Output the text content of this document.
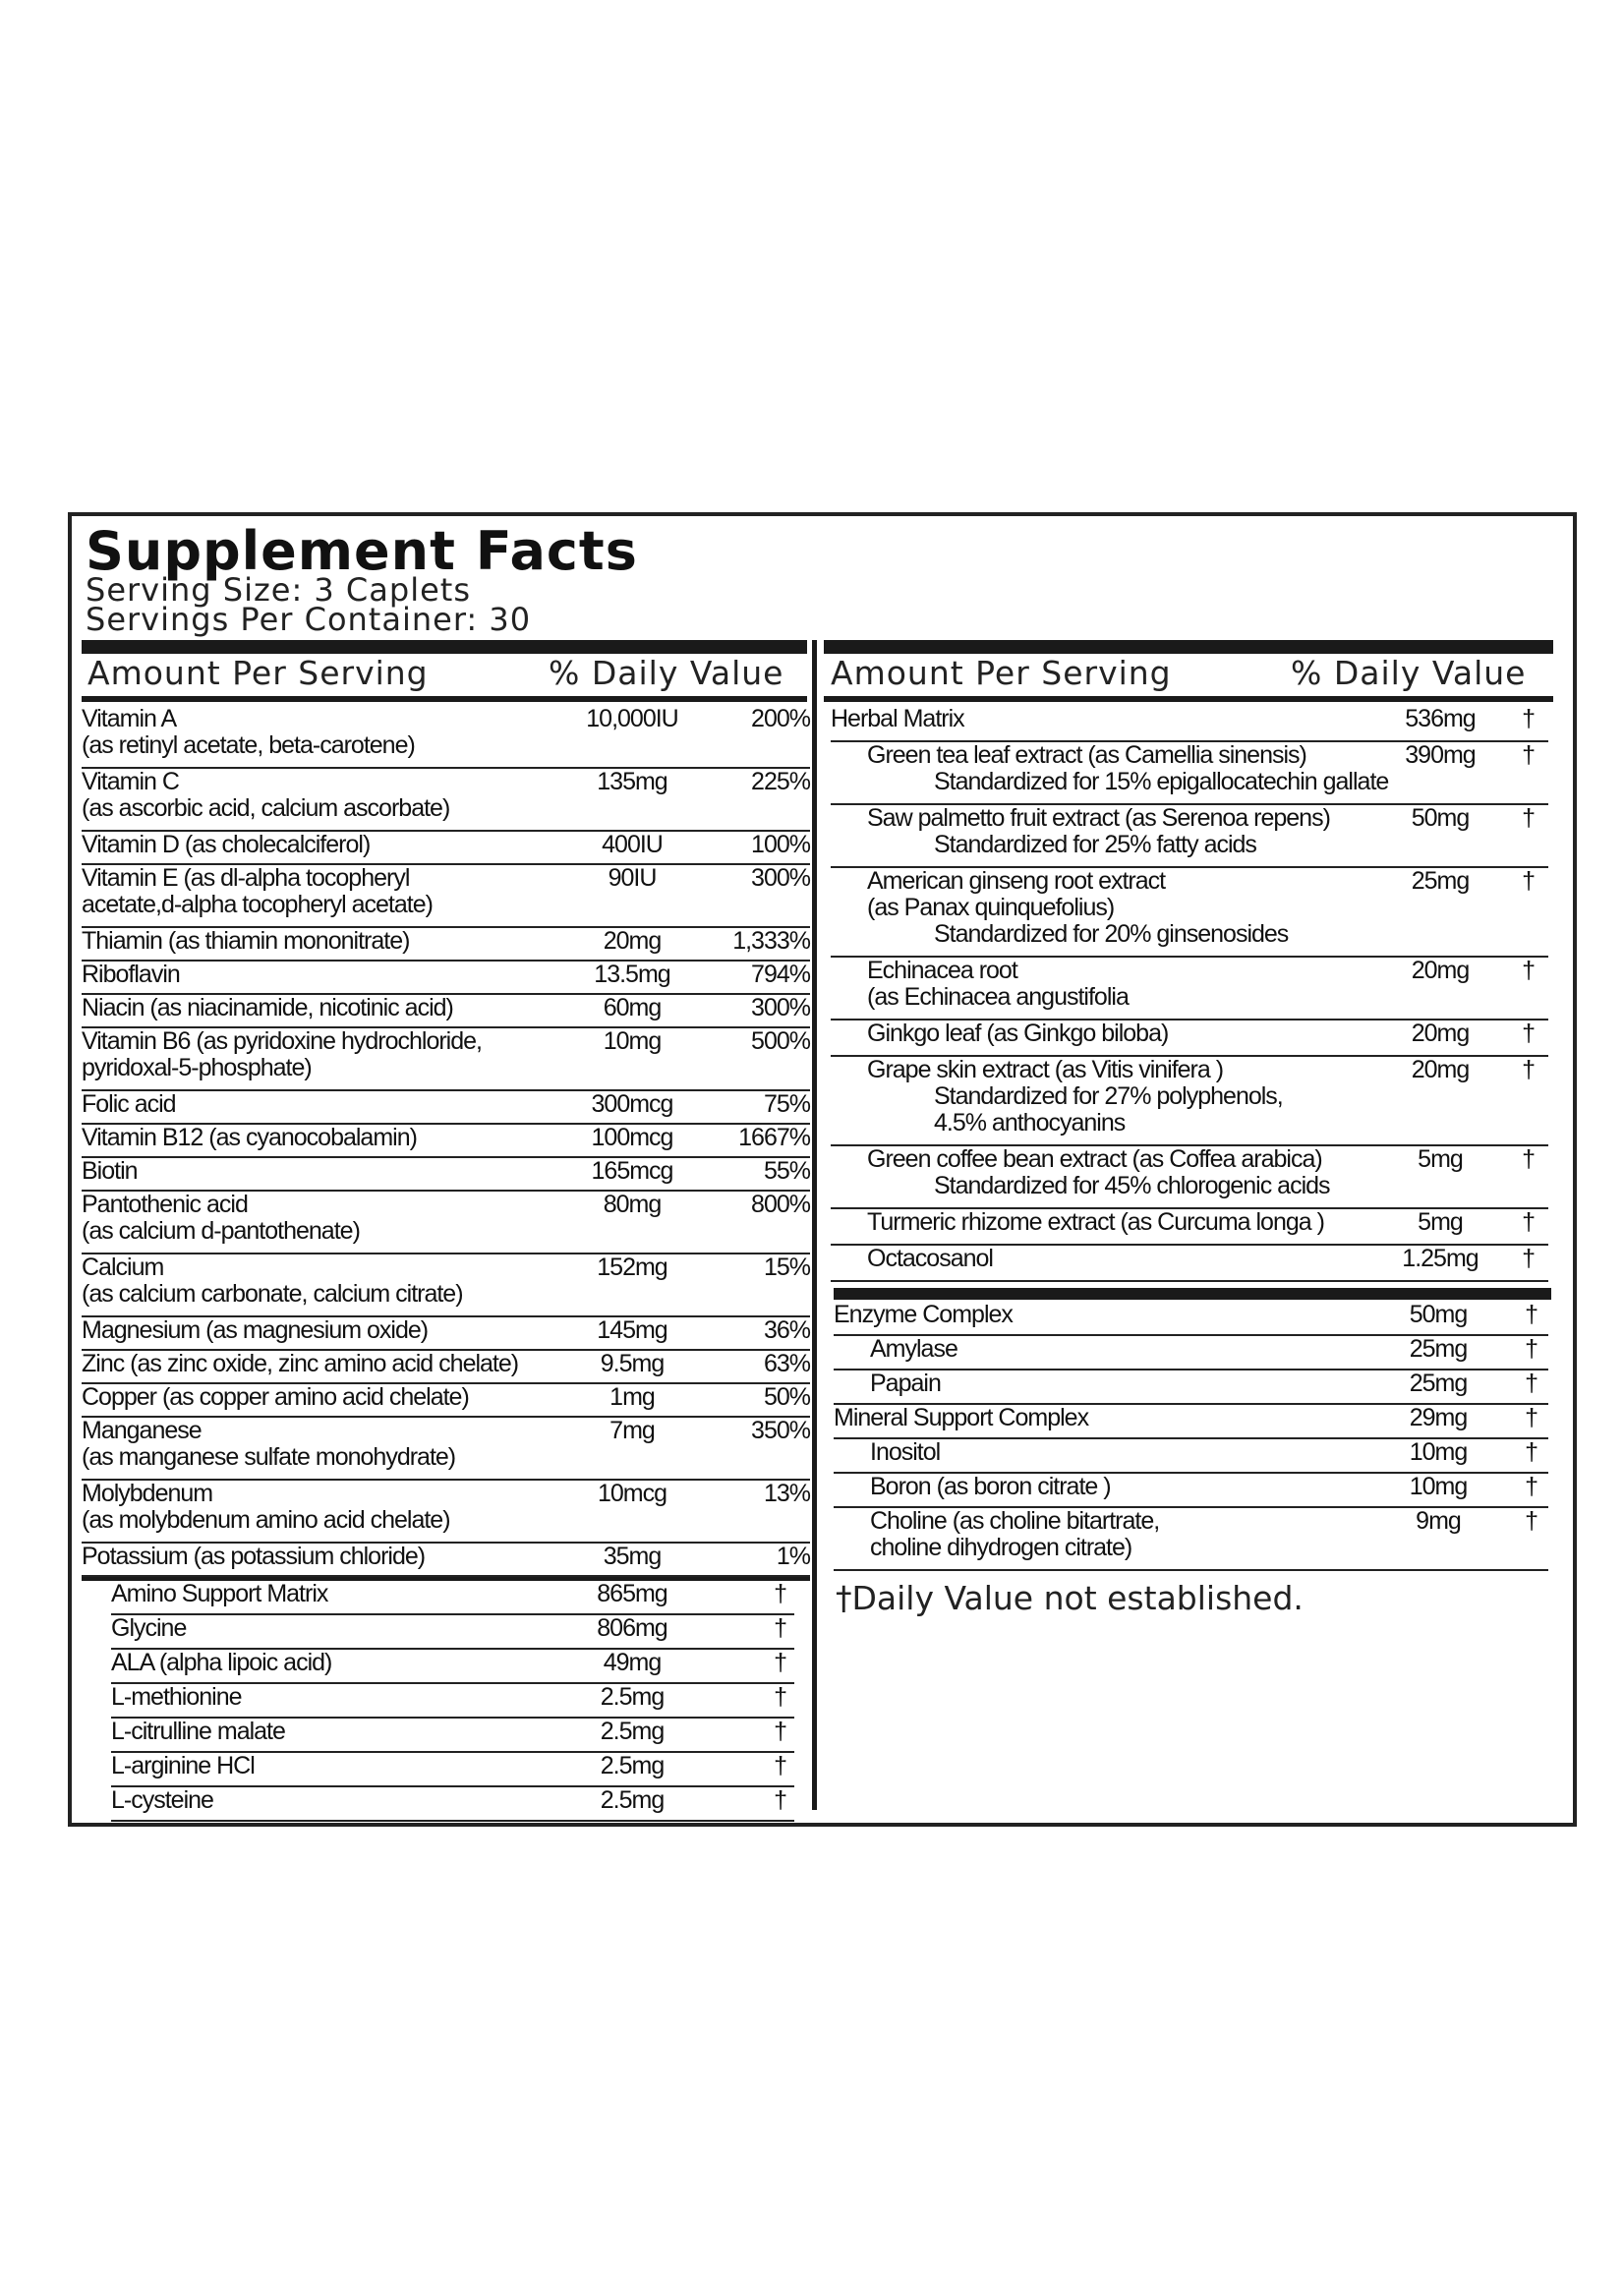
Supplement Facts
Serving Size: 3 Caplets
Servings Per Container: 30
Amount Per Serving	% Daily Value Amount Per Serving	% Daily Value
Vitamin A
(as retinyl acetate, beta-carotene)
10,000IU	200%
Vitamin C
(as ascorbic acid, calcium ascorbate)
135mg	225%
Vitamin D (as cholecalciferol)	400IU	100%
Vitamin E (as dl-alpha tocopheryl
acetate,d-alpha tocopheryl acetate)
90IU	300%
Thiamin (as thiamin mononitrate)	20mg	1,333%
Riboflavin	13.5mg	794%
Niacin (as niacinamide, nicotinic acid)	60mg	300%
Vitamin B6 (as pyridoxine hydrochloride,
pyridoxal-5-phosphate)
10mg	500%
Folic acid	300mcg	75%
Vitamin B12 (as cyanocobalamin)	100mcg	1667%
Biotin	165mcg	55%
Pantothenic acid
(as calcium d-pantothenate)
80mg	800%
Calcium
(as calcium carbonate, calcium citrate)
152mg	15%
Magnesium (as magnesium oxide)	145mg	36%
Zinc (as zinc oxide, zinc amino acid chelate)	9.5mg	63%
Copper (as copper amino acid chelate)	1mg	50%
Manganese
(as manganese sulfate monohydrate)
7mg	350%
Molybdenum
(as molybdenum amino acid chelate)
10mcg	13%
Potassium (as potassium chloride)	35mg	1%
Amino Support Matrix	865mg	†
Glycine	806mg	†
ALA (alpha lipoic acid)	49mg	†
L-methionine	2.5mg	†
L-citrulline malate	2.5mg	†
L-arginine HCl	2.5mg	†
L-cysteine	2.5mg	†
Herbal Matrix	536mg	†
Green tea leaf extract (as Camellia sinensis)
Standardized for 15% epigallocatechin gallate
390mg	†
Saw palmetto fruit extract (as Serenoa repens)
Standardized for 25% fatty acids
50mg	†
American ginseng root extract
(as Panax quinquefolius)
Standardized for 20% ginsenosides
25mg	†
Echinacea root
(as Echinacea angustifolia
20mg	†
Ginkgo leaf (as Ginkgo biloba)	20mg	†
Grape skin extract (as Vitis vinifera )
Standardized for 27% polyphenols,
4.5% anthocyanins
20mg	†
Green coffee bean extract (as Coffea arabica)
Standardized for 45% chlorogenic acids
5mg	†
Turmeric rhizome extract (as Curcuma longa )	5mg	†
Octacosanol	1.25mg	†
Enzyme Complex	50mg	†
Amylase	25mg	†
Papain	25mg	†
Mineral Support Complex	29mg	†
Inositol	10mg	†
Boron (as boron citrate )	10mg	†
Choline (as choline bitartrate,
choline dihydrogen citrate)
9mg	†
†Daily Value not established.
